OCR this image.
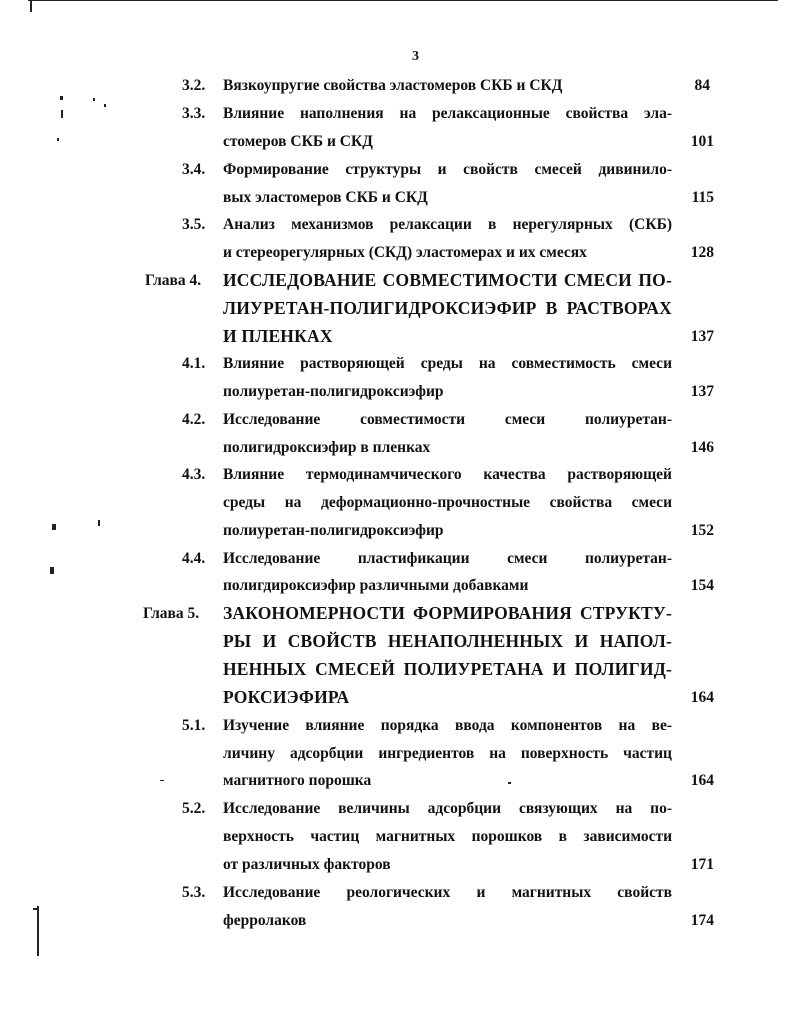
3
3.2. Вязкоупругие свойства эластомеров СКБ и СКД	84
3.3. Влияние наполнения на релаксационные свойства эла-
стомеров СКБ и СКД	101
3.4. Формирование структуры и свойств смесей дивинило-
вых эластомеров СКБ и СКД	115
3.5. Анализ механизмов релаксации в нерегулярных (СКБ)
и стереорегулярных (СКД) эластомерах и их смесях	128
Глава 4. ИССЛЕДОВАНИЕ СОВМЕСТИМОСТИ СМЕСИ ПО-
ЛИУРЕТАН-ПОЛИГИДРОКСИЭФИР В РАСТВОРАХ
И ПЛЕНКАХ	137
4.1. Влияние растворяющей среды на совместимость смеси
полиуретан-полигидроксиэфир	137
4.2. Исследование совместимости смеси полиуретан-
полигидроксиэфир в пленках	146
4.3. Влияние термодинамчического качества растворяющей
среды на деформационно-прочностные свойства смеси
полиуретан-полигидроксиэфир	152
4.4. Исследование пластификации смеси полиуретан-
полигдироксиэфир различными добавками	154
Глава 5. ЗАКОНОМЕРНОСТИ ФОРМИРОВАНИЯ СТРУКТУ-
РЫ И СВОЙСТВ НЕНАПОЛНЕННЫХ И НАПОЛ-
НЕННЫХ СМЕСЕЙ ПОЛИУРЕТАНА И ПОЛИГИД-
РОКСИЭФИРА	164
5.1. Изучение влияние порядка ввода компонентов на ве-
личину адсорбции ингредиентов на поверхность частиц
магнитного порошка	164
5.2. Исследование величины адсорбции связующих на по-
верхность частиц магнитных порошков в зависимости
от различных факторов	171
5.3. Исследование реологических и магнитных свойств
ферролаков	174
